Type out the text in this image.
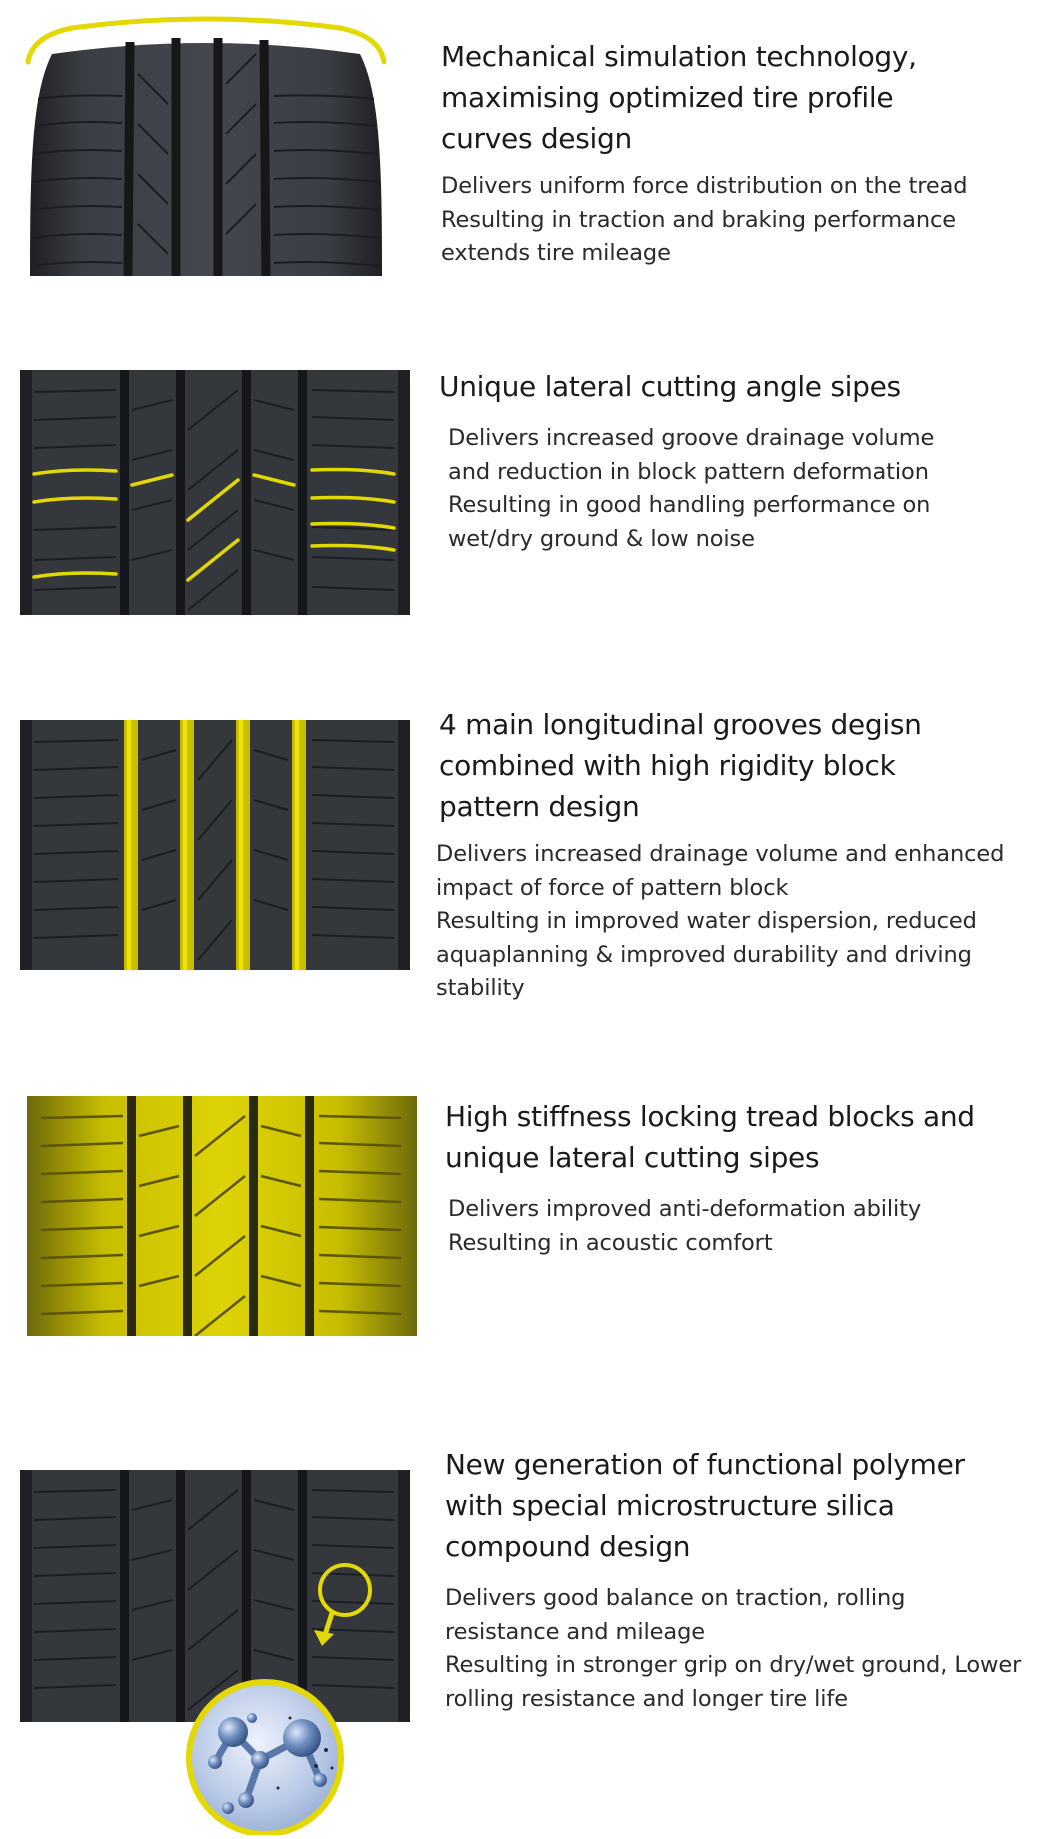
Mechanical simulation technology,
maximising optimized tire profile
curves design

Delivers uniform force distribution on the tread
Resulting in traction and braking performance
extends tire mileage

Unique lateral cutting angle sipes

Delivers increased groove drainage volume
and reduction in block pattern deformation
Resulting in good handling performance on
wet/dry ground & low noise

4 main longitudinal grooves degisn
combined with high rigidity block
pattern design

Delivers increased drainage volume and enhanced
impact of force of pattern block
Resulting in improved water dispersion, reduced
aquaplanning & improved durability and driving stability

High stiffness locking tread blocks and
unique lateral cutting sipes

Delivers improved anti-deformation ability
Resulting in acoustic comfort

New generation of functional polymer
with special microstructure silica
compound design

Delivers good balance on traction, rolling
resistance and mileage
Resulting in stronger grip on dry/wet ground, Lower
rolling resistance and longer tire life
